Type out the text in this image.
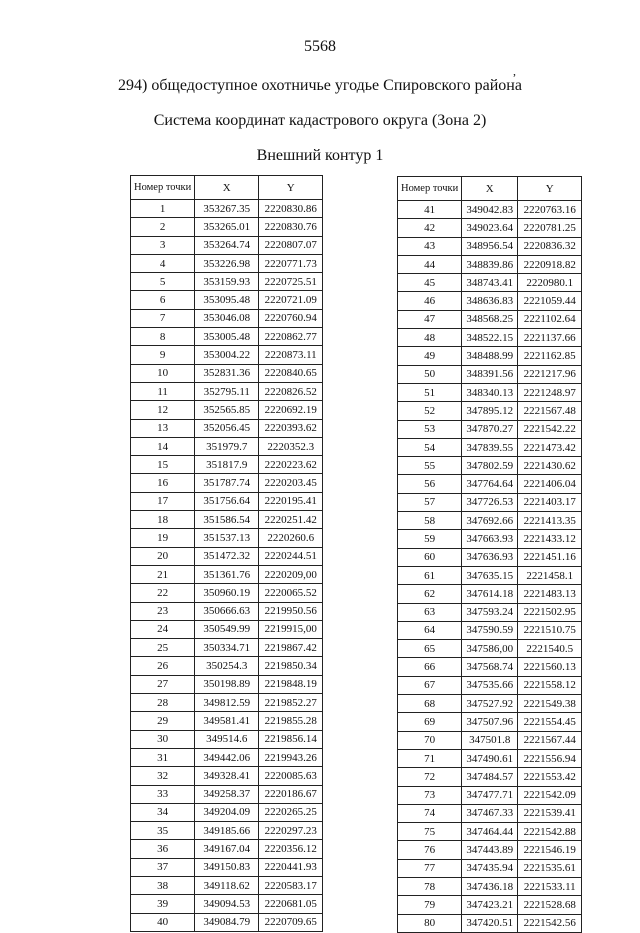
5568
,
294) общедоступное охотничье угодье Спировского района
Система координат кадастрового округа (Зона 2)
Внешний контур 1
Номер точки	X	Y
1	353267.35	2220830.86
2	353265.01	2220830.76
3	353264.74	2220807.07
4	353226.98	2220771.73
5	353159.93	2220725.51
6	353095.48	2220721.09
7	353046.08	2220760.94
8	353005.48	2220862.77
9	353004.22	2220873.11
10	352831.36	2220840.65
11	352795.11	2220826.52
12	352565.85	2220692.19
13	352056.45	2220393.62
14	351979.7	2220352.3
15	351817.9	2220223.62
16	351787.74	2220203.45
17	351756.64	2220195.41
18	351586.54	2220251.42
19	351537.13	2220260.6
20	351472.32	2220244.51
21	351361.76	2220209,00
22	350960.19	2220065.52
23	350666.63	2219950.56
24	350549.99	2219915,00
25	350334.71	2219867.42
26	350254.3	2219850.34
27	350198.89	2219848.19
28	349812.59	2219852.27
29	349581.41	2219855.28
30	349514.6	2219856.14
31	349442.06	2219943.26
32	349328.41	2220085.63
33	349258.37	2220186.67
34	349204.09	2220265.25
35	349185.66	2220297.23
36	349167.04	2220356.12
37	349150.83	2220441.93
38	349118.62	2220583.17
39	349094.53	2220681.05
40	349084.79	2220709.65
Номер точки	X	Y
41	349042.83	2220763.16
42	349023.64	2220781.25
43	348956.54	2220836.32
44	348839.86	2220918.82
45	348743.41	2220980.1
46	348636.83	2221059.44
47	348568.25	2221102.64
48	348522.15	2221137.66
49	348488.99	2221162.85
50	348391.56	2221217.96
51	348340.13	2221248.97
52	347895.12	2221567.48
53	347870.27	2221542.22
54	347839.55	2221473.42
55	347802.59	2221430.62
56	347764.64	2221406.04
57	347726.53	2221403.17
58	347692.66	2221413.35
59	347663.93	2221433.12
60	347636.93	2221451.16
61	347635.15	2221458.1
62	347614.18	2221483.13
63	347593.24	2221502.95
64	347590.59	2221510.75
65	347586,00	2221540.5
66	347568.74	2221560.13
67	347535.66	2221558.12
68	347527.92	2221549.38
69	347507.96	2221554.45
70	347501.8	2221567.44
71	347490.61	2221556.94
72	347484.57	2221553.42
73	347477.71	2221542.09
74	347467.33	2221539.41
75	347464.44	2221542.88
76	347443.89	2221546.19
77	347435.94	2221535.61
78	347436.18	2221533.11
79	347423.21	2221528.68
80	347420.51	2221542.56
